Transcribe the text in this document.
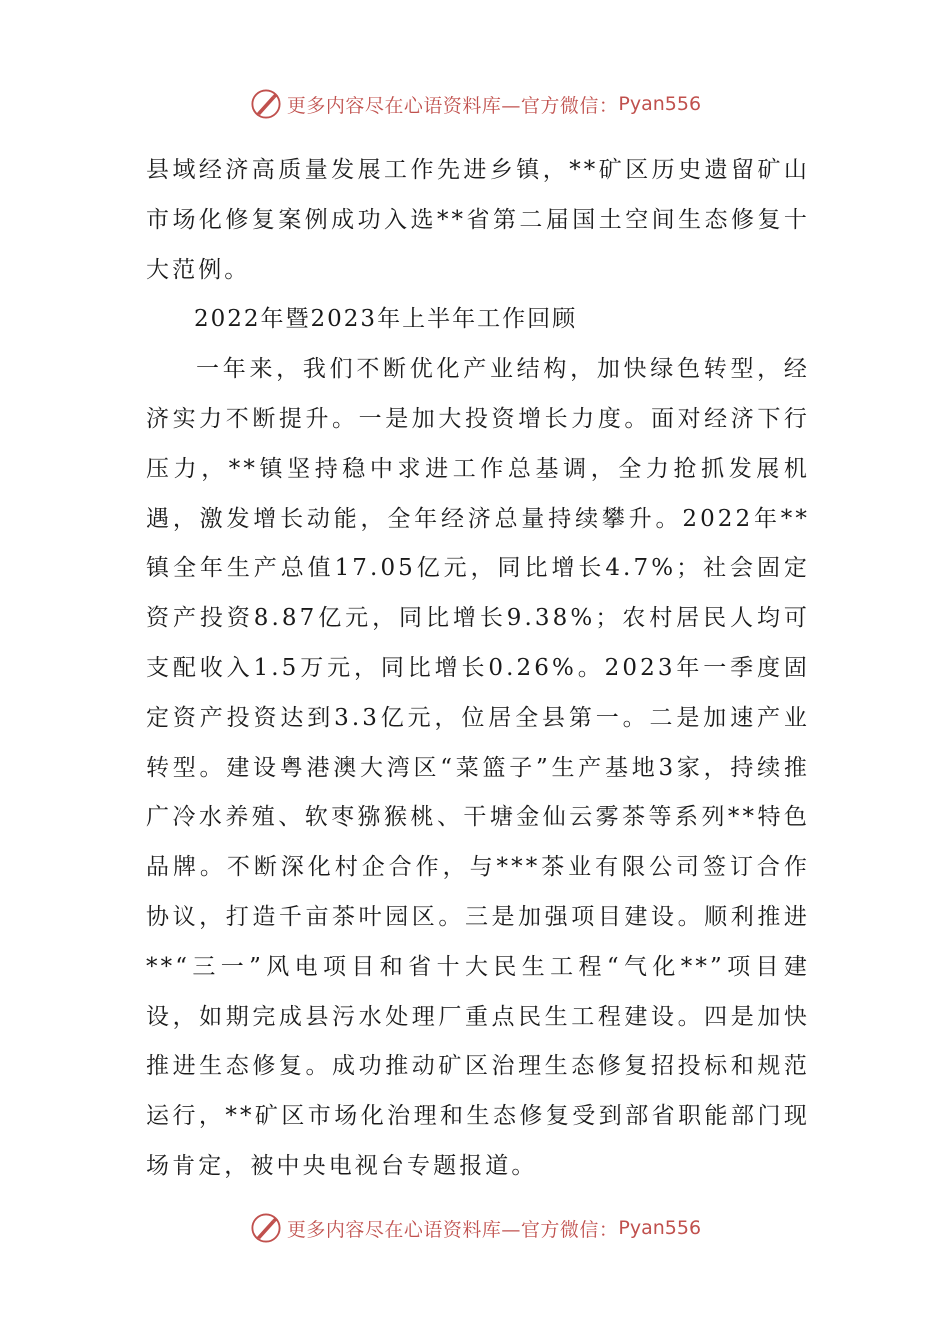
更多内容尽在心语资料库—官方微信： Pyan556

县域经济高质量发展工作先进乡镇，**矿区历史遗留矿山市场化修复案例成功入选**省第二届国土空间生态修复十大范例。

2022年暨2023年上半年工作回顾

一年来，我们不断优化产业结构，加快绿色转型，经济实力不断提升。一是加大投资增长力度。面对经济下行压力，**镇坚持稳中求进工作总基调，全力抢抓发展机遇，激发增长动能，全年经济总量持续攀升。2022年**镇全年生产总值17.05亿元，同比增长4.7%；社会固定资产投资8.87亿元，同比增长9.38%；农村居民人均可支配收入1.5万元，同比增长0.26%。2023年一季度固定资产投资达到3.3亿元，位居全县第一。二是加速产业转型。建设粤港澳大湾区“菜篮子”生产基地3家，持续推广冷水养殖、软枣猕猴桃、干塘金仙云雾茶等系列**特色品牌。不断深化村企合作，与***茶业有限公司签订合作协议，打造千亩茶叶园区。三是加强项目建设。顺利推进**“三一”风电项目和省十大民生工程“气化**”项目建设，如期完成县污水处理厂重点民生工程建设。四是加快推进生态修复。成功推动矿区治理生态修复招投标和规范运行，**矿区市场化治理和生态修复受到部省职能部门现场肯定，被中央电视台专题报道。

更多内容尽在心语资料库—官方微信： Pyan556
